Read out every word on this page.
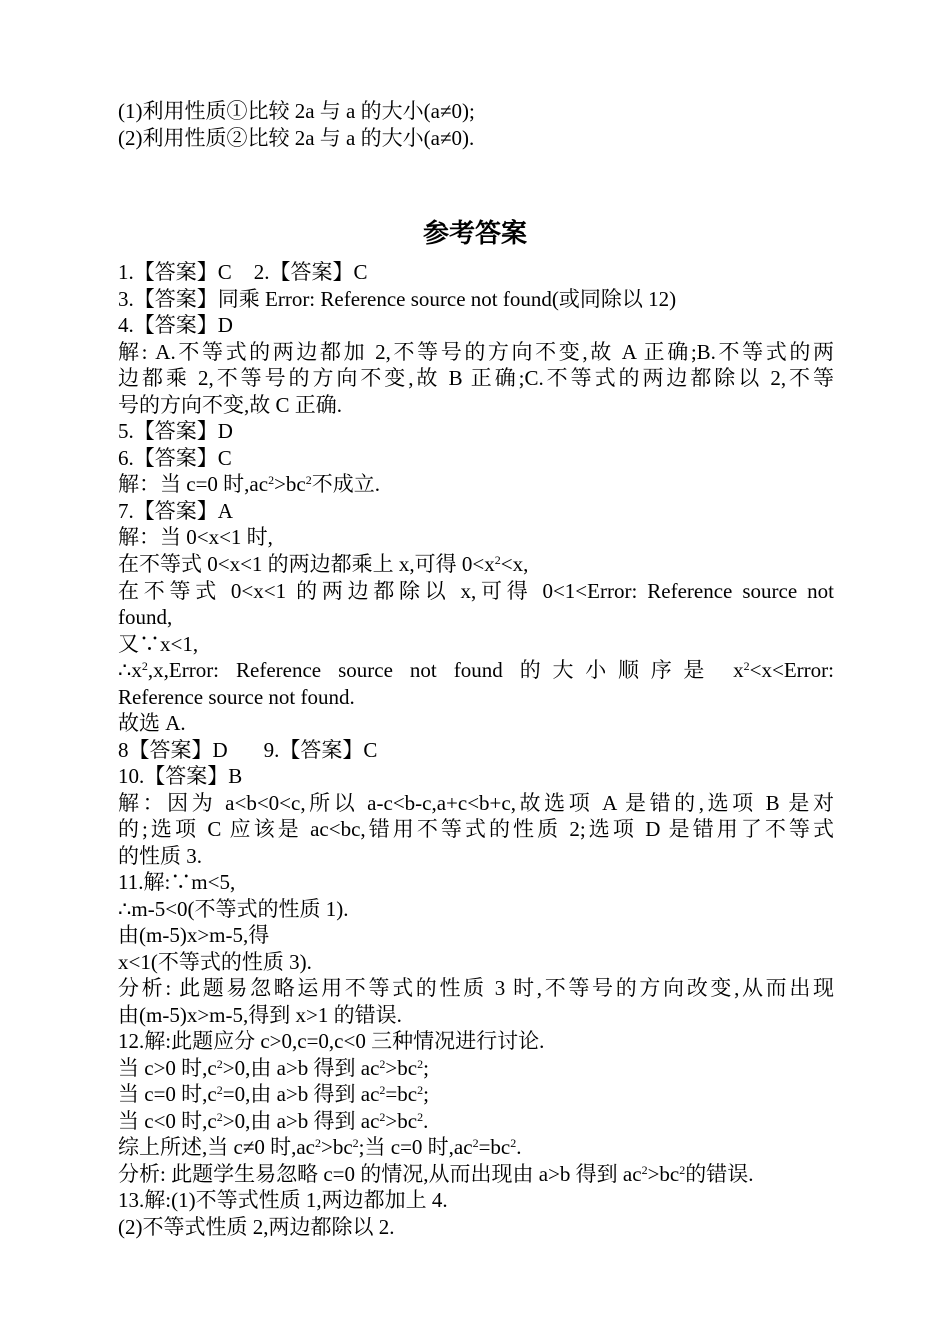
(1)利用性质①比较 2a 与 a 的大小(a≠0);
(2)利用性质②比较 2a 与 a 的大小(a≠0).
参考答案
1.【答案】C 2.【答案】C
3.【答案】同乘 Error: Reference source not found(或同除以 12)
4.【答案】D
解: A.不等式的两边都加 2,不等号的方向不变,故 A 正确;B.不等式的两
边都乘 2,不等号的方向不变,故 B 正确;C.不等式的两边都除以 2,不等
号的方向不变,故 C 正确.
5.【答案】D
6.【答案】C
解：当 c=0 时$,ac^2>bc^2$不成立.
7.【答案】A
解：当 0<x<1 时,
在不等式 0<x<1 的两边都乘上 x,可得 $0<x^2<x$,
在不等式 0<x<1 的两边都除以 x,可得 0<1<Error: Reference source not
found,
又∵x<1,
$\therefore x^2,x,Error$: Reference source not found 的大小顺序是 $x^2<x<Error$:
Reference source not found.
故选 A.
8【答案】D 9.【答案】C
10.【答案】B
解：因为 a<b<0<c,所以 a-c<b-c,a+c<b+c,故选项 A 是错的,选项 B 是对
的;选项 C 应该是 ac<bc,错用不等式的性质 2;选项 D 是错用了不等式
的性质 3.
11.解:∵m<5,
∴m-5<0(不等式的性质 1).
由(m-5)x>m-5,得
x<1(不等式的性质 3).
分析: 此题易忽略运用不等式的性质 3 时,不等号的方向改变,从而出现
由(m-5)x>m-5,得到 x>1 的错误.
12.解:此题应分 c>0,c=0,c<0 三种情况进行讨论.
当 c>0 时$,c^2>0$,由 a>b 得到 $ac^2>bc^2$;
当 c=0 时$,c^2=0$,由 a>b 得到 $ac^2=bc^2$;
当 c<0 时$,c^2>0$,由 a>b 得到 $ac^2>bc^2$.
综上所述,当 c≠0 时$,ac^2>bc^2$;当 c=0 时$,ac^2=bc^2$.
分析: 此题学生易忽略 c=0 的情况,从而出现由 a>b 得到 $ac^2>bc^2$的错误.
13.解:(1)不等式性质 1,两边都加上 4.
(2)不等式性质 2,两边都除以 2.
